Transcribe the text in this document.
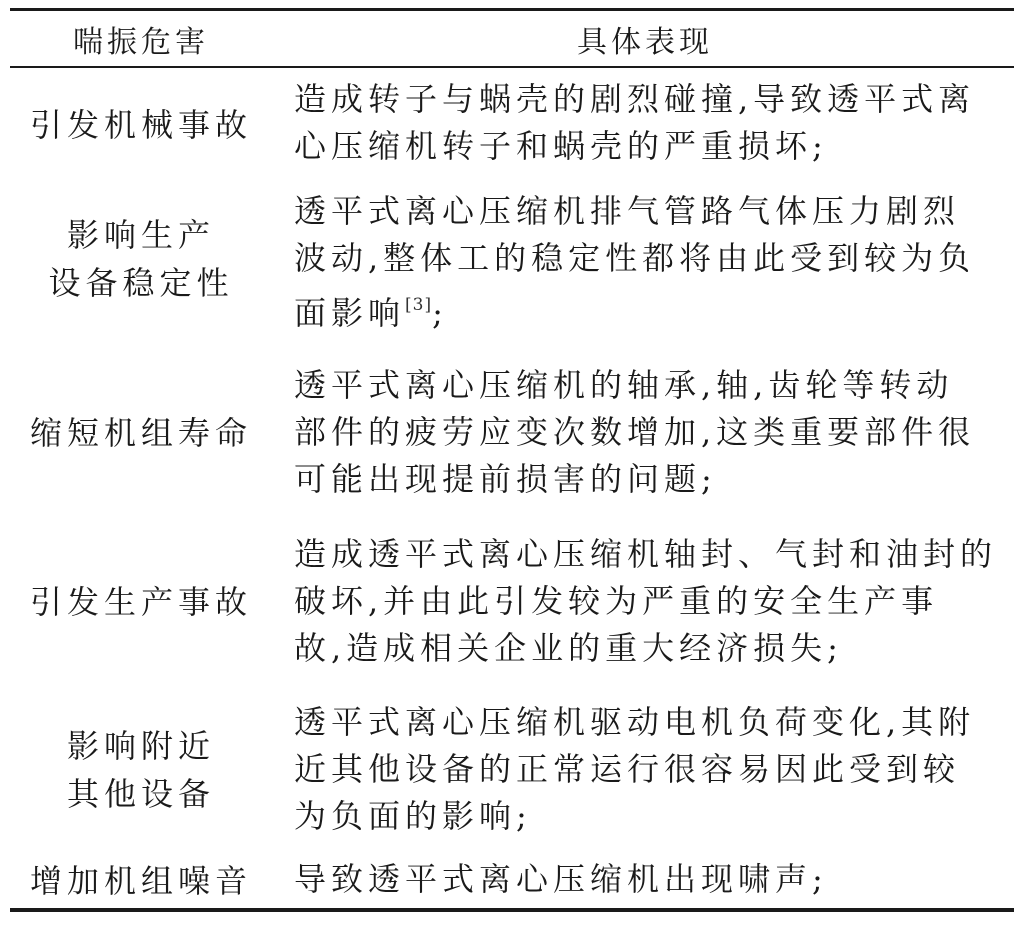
喘振危害	具体表现
引发机械事故
造成转子与蜗壳的剧烈碰撞,导致透平式离
心压缩机转子和蜗壳的严重损坏;
影响生产
设备稳定性
透平式离心压缩机排气管路气体压力剧烈
波动,整体工的稳定性都将由此受到较为负
面影响[3];
缩短机组寿命
透平式离心压缩机的轴承,轴,齿轮等转动
部件的疲劳应变次数增加,这类重要部件很
可能出现提前损害的问题;
引发生产事故
造成透平式离心压缩机轴封、气封和油封的
破坏,并由此引发较为严重的安全生产事
故,造成相关企业的重大经济损失;
影响附近
其他设备
透平式离心压缩机驱动电机负荷变化,其附
近其他设备的正常运行很容易因此受到较
为负面的影响;
增加机组噪音 导致透平式离心压缩机出现啸声;
